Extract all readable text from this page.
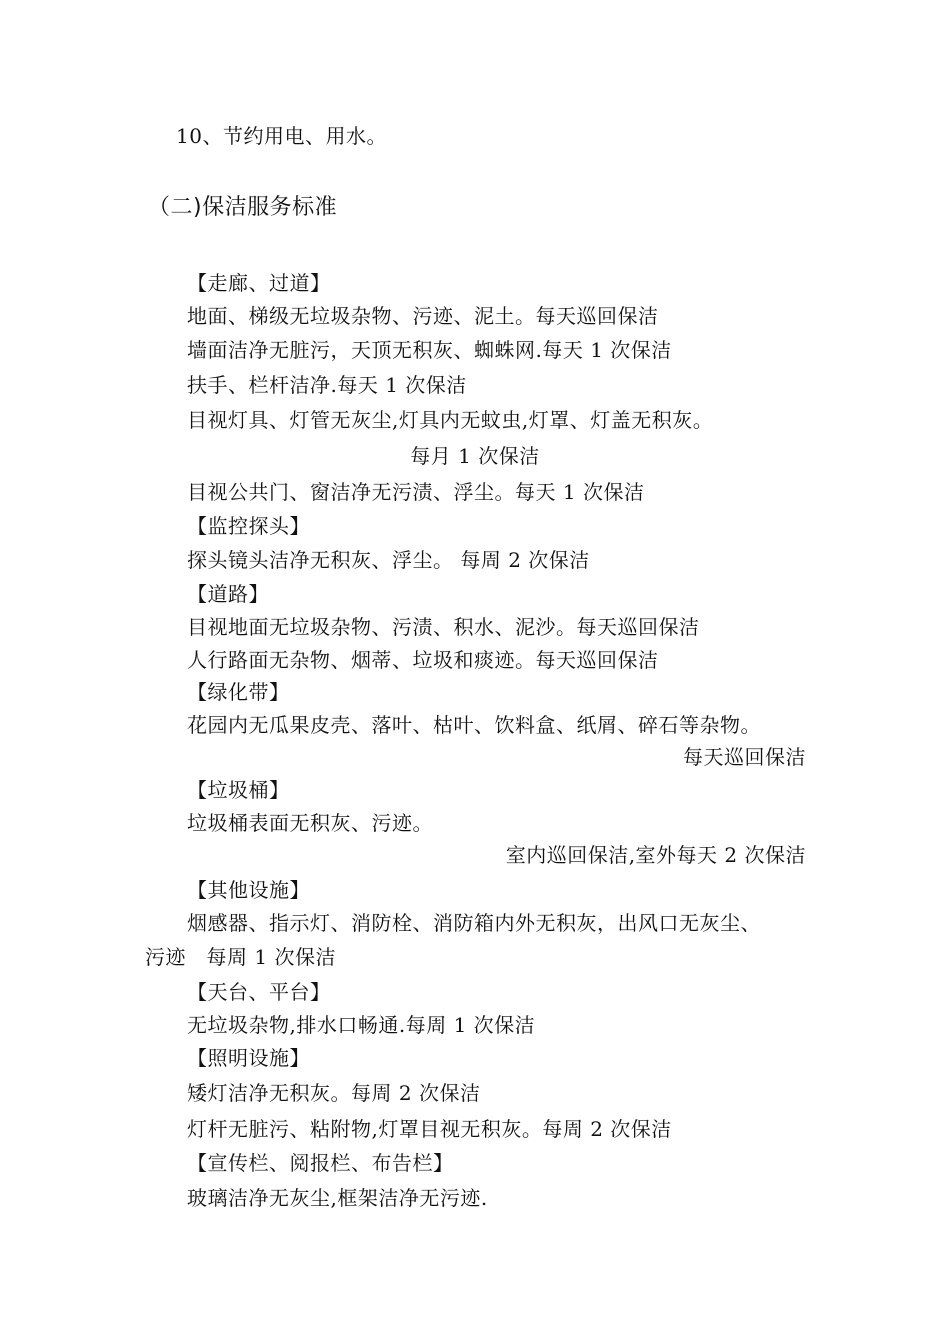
10、节约用电、用水。
（二)保洁服务标准
【走廊、过道】
地面、梯级无垃圾杂物、污迹、泥土。每天巡回保洁
墙面洁净无脏污，天顶无积灰、蜘蛛网.每天 1 次保洁
扶手、栏杆洁净.每天 1 次保洁
目视灯具、灯管无灰尘,灯具内无蚊虫,灯罩、灯盖无积灰。
每月 1 次保洁
目视公共门、窗洁净无污渍、浮尘。每天 1 次保洁
【监控探头】
探头镜头洁净无积灰、浮尘。 每周 2 次保洁
【道路】
目视地面无垃圾杂物、污渍、积水、泥沙。每天巡回保洁
人行路面无杂物、烟蒂、垃圾和痰迹。每天巡回保洁
【绿化带】
花园内无瓜果皮壳、落叶、枯叶、饮料盒、纸屑、碎石等杂物。
每天巡回保洁
【垃圾桶】
垃圾桶表面无积灰、污迹。
室内巡回保洁,室外每天 2 次保洁
【其他设施】
烟感器、指示灯、消防栓、消防箱内外无积灰，出风口无灰尘、
污迹　每周 1 次保洁
【天台、平台】
无垃圾杂物,排水口畅通.每周 1 次保洁
【照明设施】
矮灯洁净无积灰。每周 2 次保洁
灯杆无脏污、粘附物,灯罩目视无积灰。每周 2 次保洁
【宣传栏、阅报栏、布告栏】
玻璃洁净无灰尘,框架洁净无污迹.
